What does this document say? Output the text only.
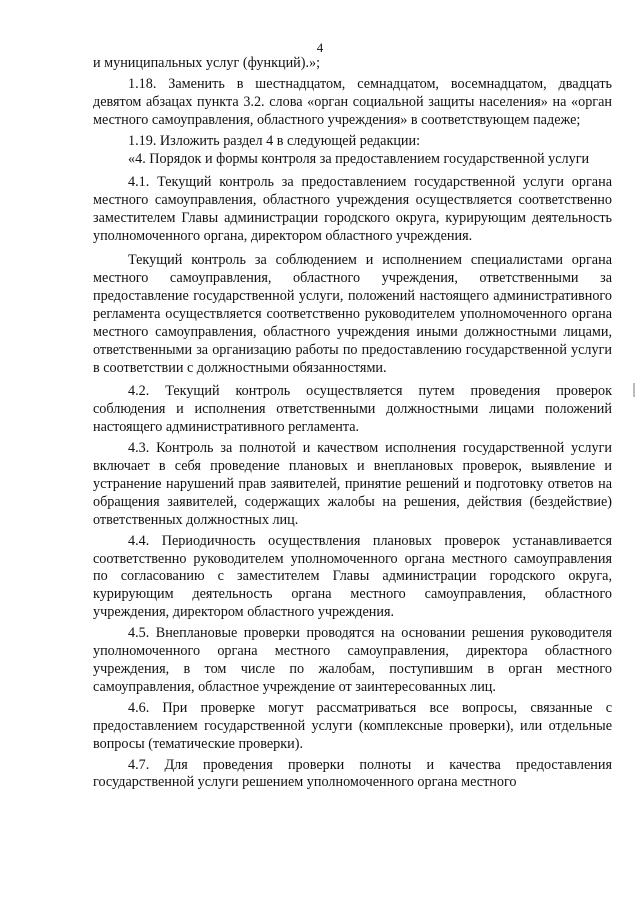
4

и муниципальных услуг (функций).»;

1.18. Заменить в шестнадцатом, семнадцатом, восемнадцатом, двадцать девятом абзацах пункта 3.2. слова «орган социальной защиты населения» на «орган местного самоуправления, областного учреждения» в соответствующем падеже;

1.19. Изложить раздел 4 в следующей редакции:

«4. Порядок и формы контроля за предоставлением государственной услуги

4.1. Текущий контроль за предоставлением государственной услуги органа местного самоуправления, областного учреждения осуществляется соответственно заместителем Главы администрации городского округа, курирующим деятельность уполномоченного органа, директором областного учреждения.

Текущий контроль за соблюдением и исполнением специалистами органа местного самоуправления, областного учреждения, ответственными за предоставление государственной услуги, положений настоящего административного регламента осуществляется соответственно руководителем уполномоченного органа местного самоуправления, областного учреждения иными должностными лицами, ответственными за организацию работы по предоставлению государственной услуги в соответствии с должностными обязанностями.

4.2. Текущий контроль осуществляется путем проведения проверок соблюдения и исполнения ответственными должностными лицами положений настоящего административного регламента.

4.3. Контроль за полнотой и качеством исполнения государственной услуги включает в себя проведение плановых и внеплановых проверок, выявление и устранение нарушений прав заявителей, принятие решений и подготовку ответов на обращения заявителей, содержащих жалобы на решения, действия (бездействие) ответственных должностных лиц.

4.4. Периодичность осуществления плановых проверок устанавливается соответственно руководителем уполномоченного органа местного самоуправления по согласованию с заместителем Главы администрации городского округа, курирующим деятельность органа местного самоуправления, областного учреждения, директором областного учреждения.

4.5. Внеплановые проверки проводятся на основании решения руководителя уполномоченного органа местного самоуправления, директора областного учреждения, в том числе по жалобам, поступившим в орган местного самоуправления, областное учреждение от заинтересованных лиц.

4.6. При проверке могут рассматриваться все вопросы, связанные с предоставлением государственной услуги (комплексные проверки), или отдельные вопросы (тематические проверки).

4.7. Для проведения проверки полноты и качества предоставления государственной услуги решением уполномоченного органа местного
